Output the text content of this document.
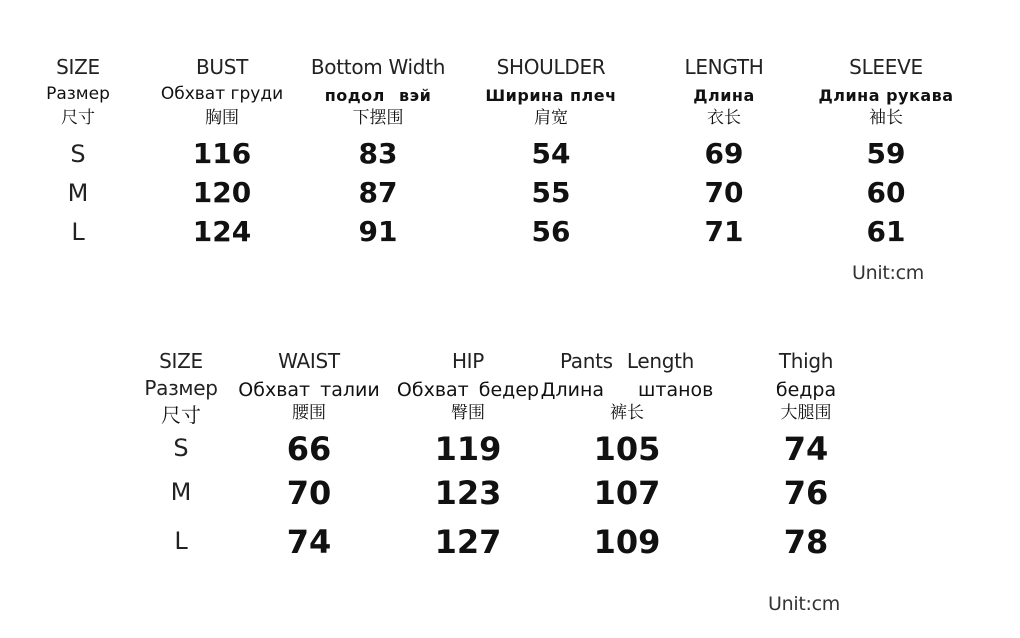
SIZE
Размер
尺寸
S
M
L
BUST
Обхват груди
胸围
116
120
124
Bottom Width
подол вэй
下摆围
83
87
91
SHOULDER
Ширина плеч
肩宽
54
55
56
LENGTH
Длина
衣长
69
70
71
SLEEVE
Длина рукава
袖长
59
60
61
Unit:cm
SIZE
Размер
尺寸
S
M
L
WAIST
Обхват талии
腰围
66
70
74
HIP
Обхват бедер
臀围
119
123
127
Pants Length
Длина штанов
裤长
105
107
109
Thigh
бедра
大腿围
74
76
78
Unit:cm
